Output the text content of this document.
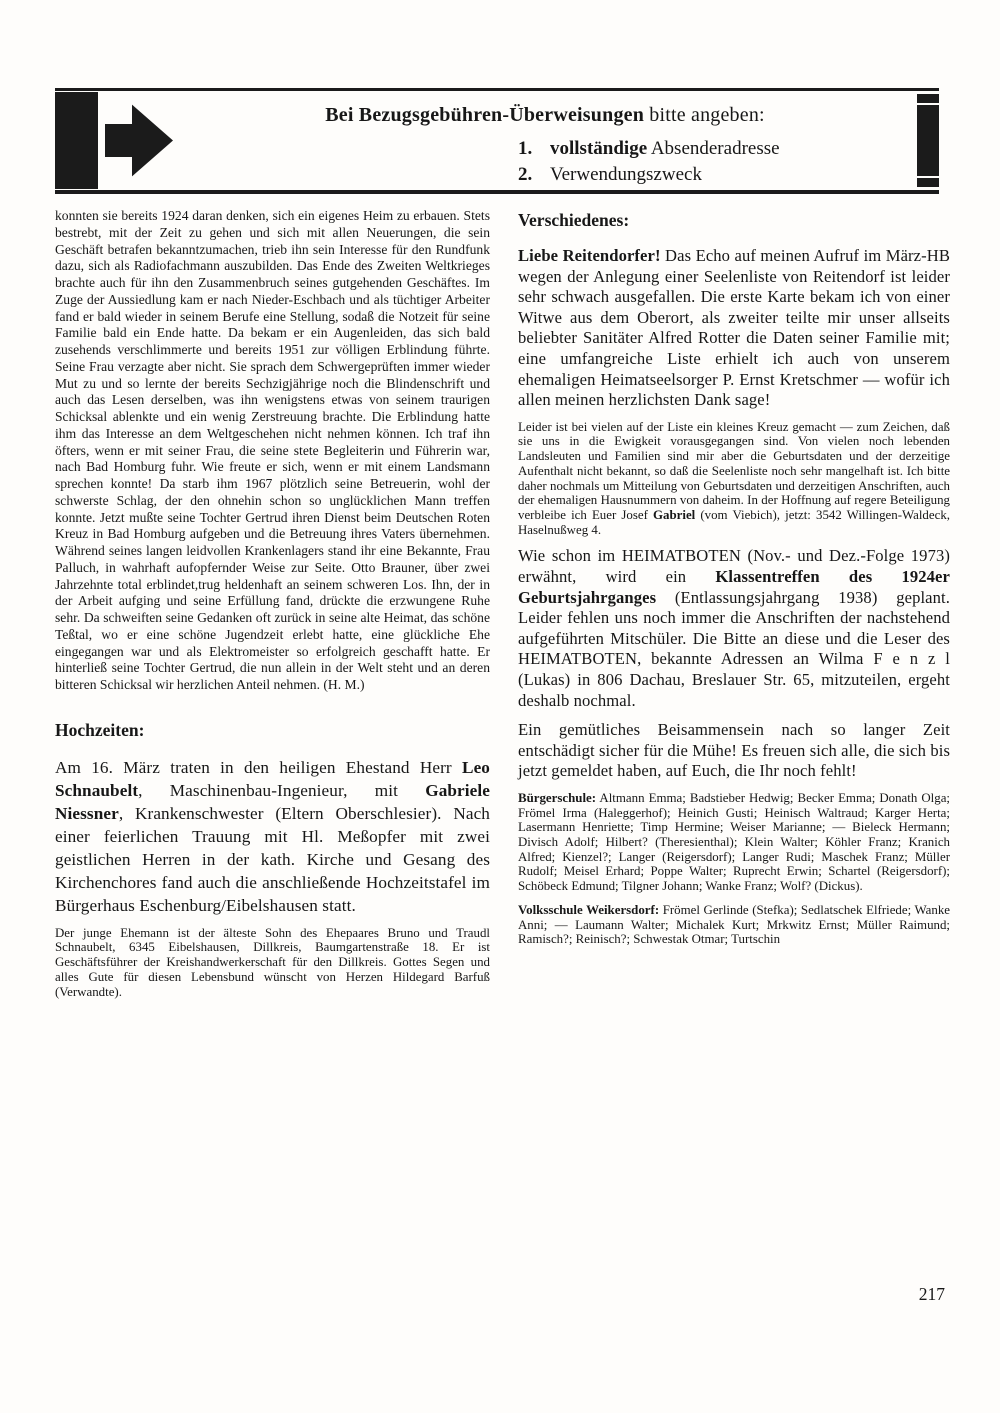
Bei Bezugsgebühren-Überweisungen bitte angeben:
1. vollständige Absenderadresse
2. Verwendungszweck

konnten sie bereits 1924 daran denken, sich ein eigenes Heim zu erbauen. Stets bestrebt, mit der Zeit zu gehen und sich mit allen Neuerungen, die sein Geschäft betrafen bekanntzumachen, trieb ihn sein Interesse für den Rundfunk dazu, sich als Radiofachmann auszubilden. Das Ende des Zweiten Weltkrieges brachte auch für ihn den Zusammenbruch seines gutgehenden Geschäftes. Im Zuge der Aussiedlung kam er nach Nieder-Eschbach und als tüchtiger Arbeiter fand er bald wieder in seinem Berufe eine Stellung, sodaß die Notzeit für seine Familie bald ein Ende hatte. Da bekam er ein Augenleiden, das sich bald zusehends verschlimmerte und bereits 1951 zur völligen Erblindung führte. Seine Frau verzagte aber nicht. Sie sprach dem Schwergeprüften immer wieder Mut zu und so lernte der bereits Sechzigjährige noch die Blindenschrift und auch das Lesen derselben, was ihn wenigstens etwas von seinem traurigen Schicksal ablenkte und ein wenig Zerstreuung brachte. Die Erblindung hatte ihm das Interesse an dem Weltgeschehen nicht nehmen können. Ich traf ihn öfters, wenn er mit seiner Frau, die seine stete Begleiterin und Führerin war, nach Bad Homburg fuhr. Wie freute er sich, wenn er mit einem Landsmann sprechen konnte! Da starb ihm 1967 plötzlich seine Betreuerin, wohl der schwerste Schlag, der den ohnehin schon so unglücklichen Mann treffen konnte. Jetzt mußte seine Tochter Gertrud ihren Dienst beim Deutschen Roten Kreuz in Bad Homburg aufgeben und die Betreuung ihres Vaters übernehmen. Während seines langen leidvollen Krankenlagers stand ihr eine Bekannte, Frau Palluch, in wahrhaft aufopfernder Weise zur Seite. Otto Brauner, über zwei Jahrzehnte total erblindet,trug heldenhaft an seinem schweren Los. Ihn, der in der Arbeit aufging und seine Erfüllung fand, drückte die erzwungene Ruhe sehr. Da schweiften seine Gedanken oft zurück in seine alte Heimat, das schöne Teßtal, wo er eine schöne Jugendzeit erlebt hatte, eine glückliche Ehe eingegangen war und als Elektromeister so erfolgreich geschafft hatte. Er hinterließ seine Tochter Gertrud, die nun allein in der Welt steht und an deren bitteren Schicksal wir herzlichen Anteil nehmen. (H. M.)

Hochzeiten:

Am 16. März traten in den heiligen Ehestand Herr Leo Schnaubelt, Maschinenbau-Ingenieur, mit Gabriele Niessner, Krankenschwester (Eltern Oberschlesier). Nach einer feierlichen Trauung mit Hl. Meßopfer mit zwei geistlichen Herren in der kath. Kirche und Gesang des Kirchenchores fand auch die anschließende Hochzeitstafel im Bürgerhaus Eschenburg/Eibelshausen statt.

Der junge Ehemann ist der älteste Sohn des Ehepaares Bruno und Traudl Schnaubelt, 6345 Eibelshausen, Dillkreis, Baumgartenstraße 18. Er ist Geschäftsführer der Kreishandwerkerschaft für den Dillkreis. Gottes Segen und alles Gute für diesen Lebensbund wünscht von Herzen Hildegard Barfuß (Verwandte).

Verschiedenes:

Liebe Reitendorfer! Das Echo auf meinen Aufruf im März-HB wegen der Anlegung einer Seelenliste von Reitendorf ist leider sehr schwach ausgefallen. Die erste Karte bekam ich von einer Witwe aus dem Oberort, als zweiter teilte mir unser allseits beliebter Sanitäter Alfred Rotter die Daten seiner Familie mit; eine umfangreiche Liste erhielt ich auch von unserem ehemaligen Heimatseelsorger P. Ernst Kretschmer — wofür ich allen meinen herzlichsten Dank sage!

Leider ist bei vielen auf der Liste ein kleines Kreuz gemacht — zum Zeichen, daß sie uns in die Ewigkeit vorausgegangen sind. Von vielen noch lebenden Landsleuten und Familien sind mir aber die Geburtsdaten und der derzeitige Aufenthalt nicht bekannt, so daß die Seelenliste noch sehr mangelhaft ist. Ich bitte daher nochmals um Mitteilung von Geburtsdaten und derzeitigen Anschriften, auch der ehemaligen Hausnummern von daheim. In der Hoffnung auf regere Beteiligung verbleibe ich Euer Josef Gabriel (vom Viebich), jetzt: 3542 Willingen-Waldeck, Haselnußweg 4.

Wie schon im HEIMATBOTEN (Nov.- und Dez.-Folge 1973) erwähnt, wird ein Klassentreffen des 1924er Geburtsjahrganges (Entlassungsjahrgang 1938) geplant. Leider fehlen uns noch immer die Anschriften der nachstehend aufgeführten Mitschüler. Die Bitte an diese und die Leser des HEIMATBOTEN, bekannte Adressen an Wilma F e n z l (Lukas) in 806 Dachau, Breslauer Str. 65, mitzuteilen, ergeht deshalb nochmal.

Ein gemütliches Beisammensein nach so langer Zeit entschädigt sicher für die Mühe! Es freuen sich alle, die sich bis jetzt gemeldet haben, auf Euch, die Ihr noch fehlt!

Bürgerschule: Altmann Emma; Badstieber Hedwig; Becker Emma; Donath Olga; Frömel Irma (Haleggerhof); Heinich Gusti; Heinisch Waltraud; Karger Herta; Lasermann Henriette; Timp Hermine; Weiser Marianne; — Bieleck Hermann; Divisch Adolf; Hilbert? (Theresienthal); Klein Walter; Köhler Franz; Kranich Alfred; Kienzel?; Langer (Reigersdorf); Langer Rudi; Maschek Franz; Müller Rudolf; Meisel Erhard; Poppe Walter; Ruprecht Erwin; Schartel (Reigersdorf); Schöbeck Edmund; Tilgner Johann; Wanke Franz; Wolf? (Dickus).

Volksschule Weikersdorf: Frömel Gerlinde (Stefka); Sedlatschek Elfriede; Wanke Anni; — Laumann Walter; Michalek Kurt; Mrkwitz Ernst; Müller Raimund; Ramisch?; Reinisch?; Schwestak Otmar; Turtschin

217
